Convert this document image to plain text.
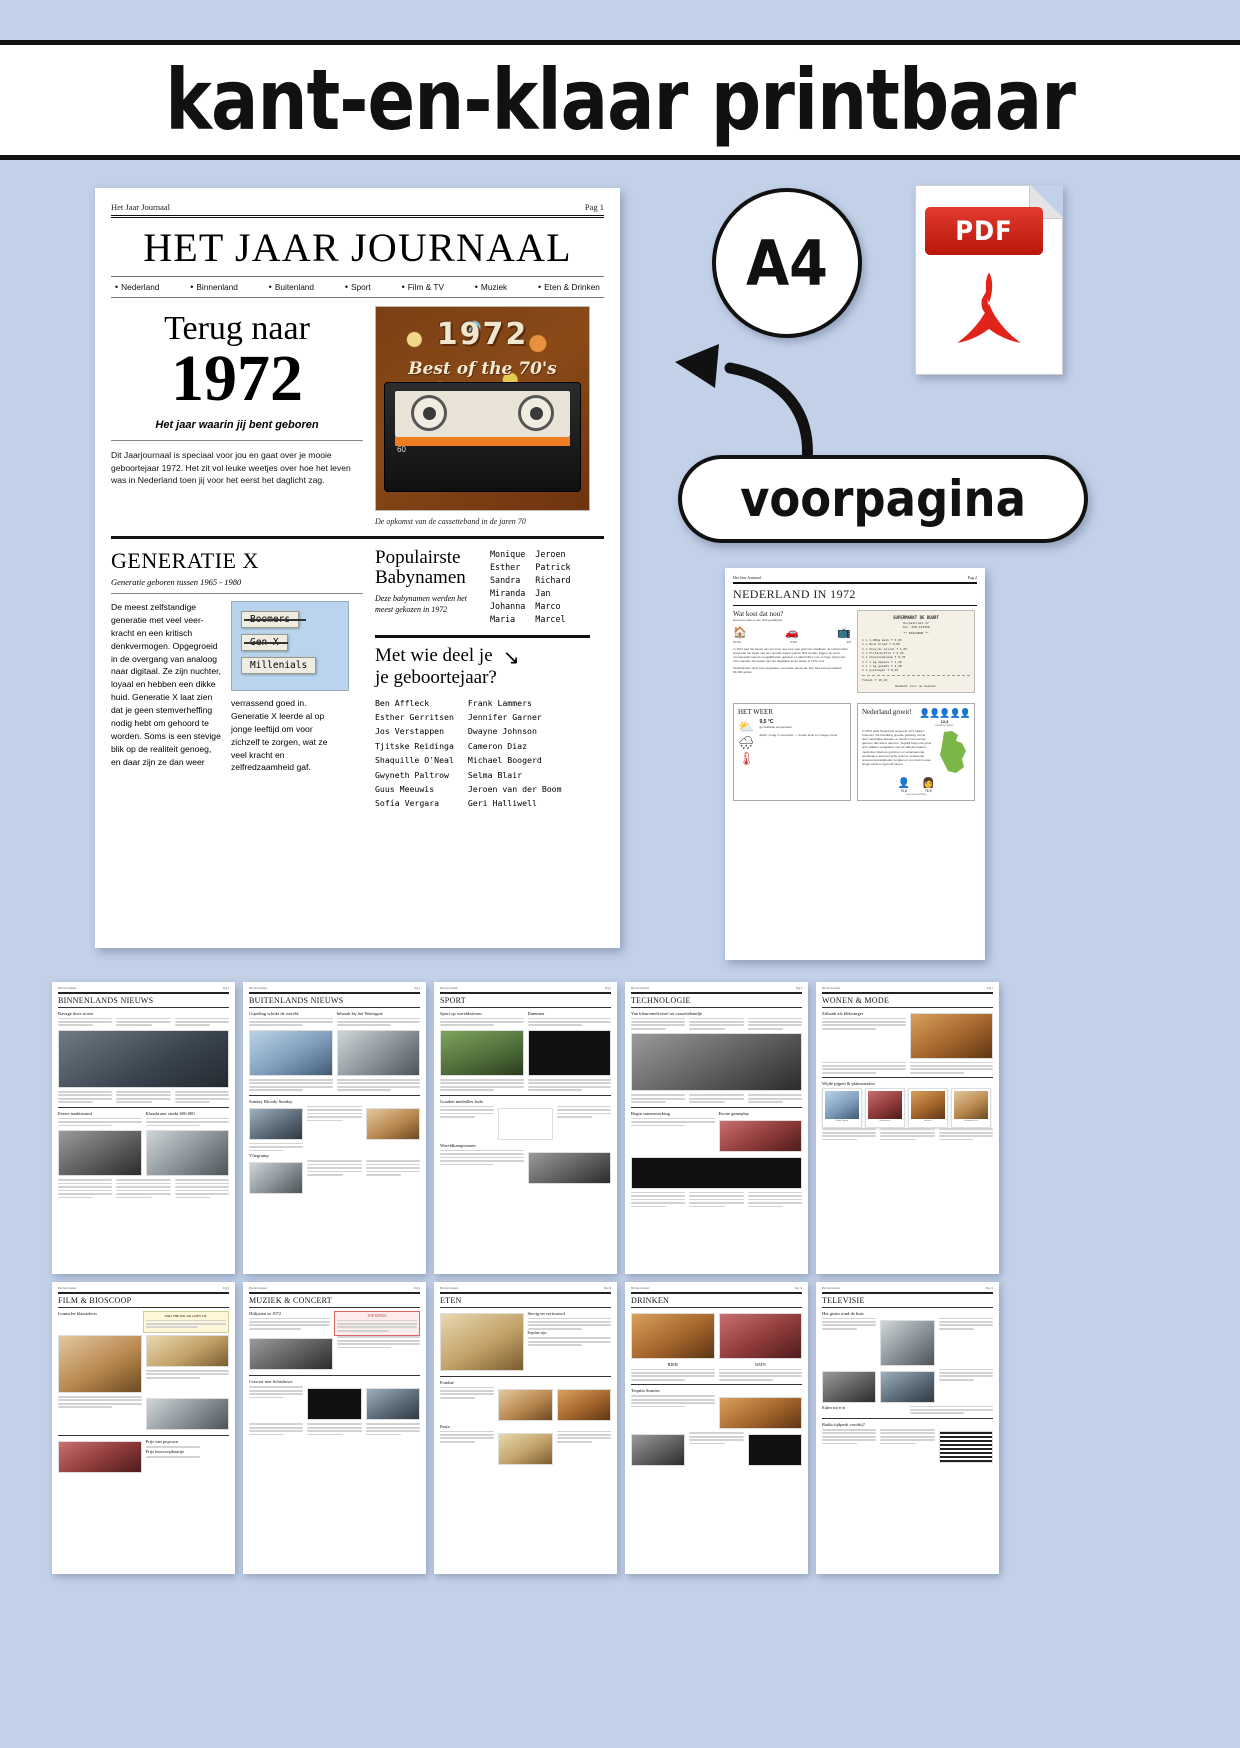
kant-en-klaar printbaar
Het Jaar Journaal	Pag 1
HET JAAR JOURNAAL
• Nederland	• Binnenland	• Buitenland	• Sport	• Film & TV	• Muziek	• Eten & Drinken
Terug naar
1972
Het jaar waarin jij bent geboren
Dit Jaarjournaal is speciaal voor jou en gaat over je mooie geboortejaar 1972. Het zit vol leuke weetjes over hoe het leven was in Nederland toen jij voor het eerst het daglicht zag.
1972
Best of the 70's
60
De opkomst van de cassetteband in de jaren 70
GENERATIE X
Generatie geboren tussen 1965 - 1980
De meest zelfstandige generatie met veel veer-kracht en een kritisch denkvermogen. Opgegroeid in de overgang van analoog naar digitaal. Ze zijn nuchter, loyaal en hebben een dikke huid. Generatie X laat zien dat je geen stemverheffing nodig hebt om gehoord te worden. Soms is een stevige blik op de realiteit genoeg, en daar zijn ze dan weer
Millenials
verrassend goed in. Generatie X leerde al op jonge leeftijd om voor zichzelf te zorgen, wat ze veel kracht en zelfredzaamheid gaf.
Populairste Babynamen
Deze babynamen werden het meest gekozen in 1972
Monique
Esther
Sandra
Miranda
Johanna
Maria
Jeroen
Patrick
Richard
Jan
Marco
Marcel
Met wie deel je
je geboortejaar?
↘
Ben Affleck
Esther Gerritsen
Jos Verstappen
Tjitske Reidinga
Shaquille O'Neal
Gwyneth Paltrow
Guus Meeuwis
Sofía Vergara
Frank Lammers
Jennifer Garner
Dwayne Johnson
Cameron Diaz
Michael Boogerd
Selma Blair
Jeroen van der Boom
Geri Halliwell
A4	PDF
voorpagina
Het Jaar Journaal	Pag 2
NEDERLAND IN 1972
Wat kost dat nou?
Het leven was er een stuk goedkoper
🏠	🚗	📺
90.000	8.500	935
In 1972 was het kopen van een huis nog voor veel gezinnen haalbaar; de huizenmarkt stond aan het begin van een periode waarin prijzen flink zouden stijgen. Er werd voornamelijk naar de mogelijkheden gekeken en tijdschriften met nu hoge prijzen die men wandelt. De kosten van het dagelijkse leven waren in 1972 voor
Nederlanders opzij snel vergeleken met latere decennia. Een huis kost gemiddeld 90.000 gulden
SUPERMARKT DE BUURT
Dorpsstraat 17
Tel: 030-123456
** KASSABON **
1 x 1,00kg melk f 0,95
1 x 8sn1 brood f 0,80
1 x 3ons,5n zuivel f 1,65
1 x Filterkoffie f 2,45
1 x Chocoladereep f 0,70
1 x 1 kg appels f 1,30
1 x 1 kg gehakt f 2,30
1 x postzegel f 0,45
Totaal f 10,10
Bedankt voor uw bezoek!
HET WEER
⛅
🌧
🌡
9,5 °C
gemiddelde temperatuur
Zacht, vroeg in november — Koude lente en vroege zomer
Nederland groeit! 👤👤👤👤👤
13,3
bevolking miljoen
In 1972 telde Nederland ongeveer 13,3 miljoen inwoners. De bevolking groeide gestaag, vooral door natuurlijke aanwas; er werden met mensen geboren dan dat er stierven. Tegelijk begon de groei af te vlakken vergeleken met de babyboomjaren, mede door kleinere gezinnen en veranderende opvattingen. Economische groei en verbeterde levensomstandigheden zorgden er voor dat mensen langer actief en gezond bleven.
👤
70,8
👩
76,5
Levensverwachting
Het Jaar Journaal	Pag 3
BINNENLANDS NIEUWS
Ravage door storm
Eerste naaktstrand	Klaaskrater steekt 600.000
Het Jaar Journaal	Pag 4
BUITENLANDS NIEUWS
Gijzeling schokt de wereld	Inbraak bij het Watergate
Sunday Bloody Sunday
Vliegramp
Het Jaar Journaal	Pag 5
SPORT
Sport op wereldniveau	Dammen
Gouden medailles Judo
Wereldkampioenen
Het Jaar Journaal	Pag 6
TECHNOLOGIE
Van kleurentelevisie tot cassettebandje
Begin samenwerking	Eerste gameplay
Het Jaar Journaal	Pag 7
WONEN & MODE
Zitbank als blikvanger
Wijde pijpen & plateauzolen
Wijde Pijpen	Flaremouw	Accent	Gehaakt Vest
Het Jaar Journaal	Pag 8
FILM & BIOSCOOP
Iconische klassiekers	AND THE OSCAR GOES TO:
Prijs van popcorn
Prijs bioscoopkaartje
Het Jaar Journaal	Pag 9
MUZIEK & CONCERT
Hitlijsten in 1972	TOP SONGS
Concert met lichtshows
Het Jaar Journaal	Pag 10
ETEN
Stevig en vertrouwd
Populair zijn:
Fondue
Pasta
Het Jaar Journaal	Pag 11
DRINKEN
BIER	WIJN
Tequila Sunrise
Het Jaar Journaal	Pag 12
TELEVISIE
Het gezin rond de buis
Kijken wat er in
Radio tijdperk voorbij?
